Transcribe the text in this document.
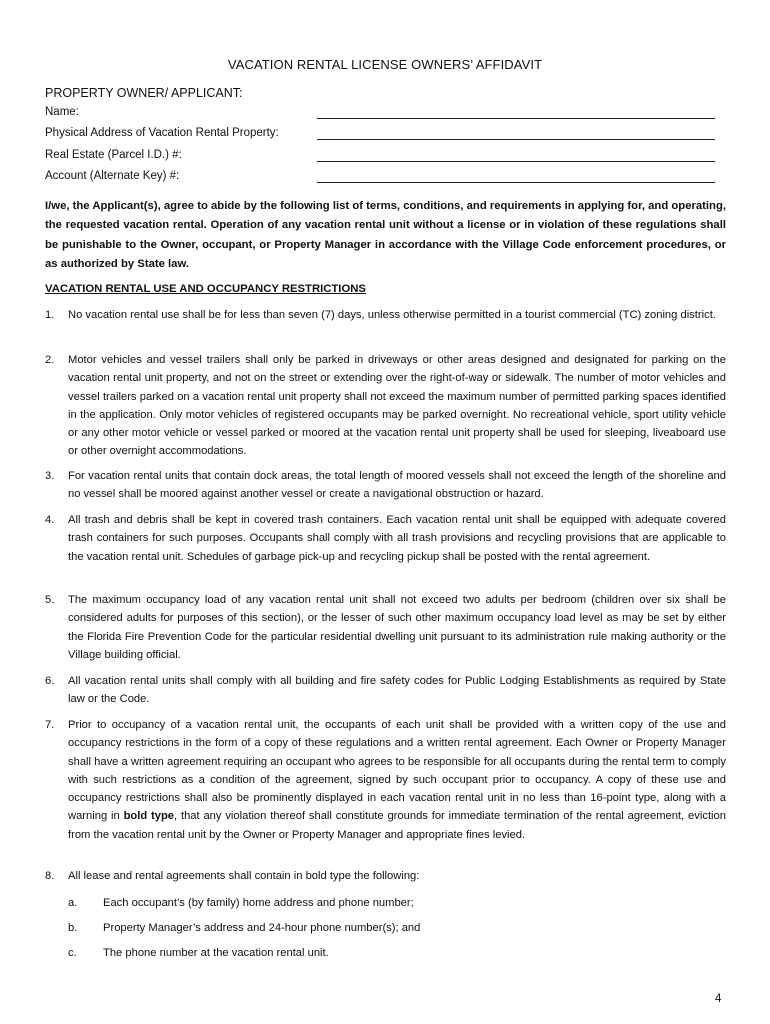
VACATION RENTAL LICENSE OWNERS’ AFFIDAVIT
PROPERTY OWNER/ APPLICANT:
Name:
Physical Address of Vacation Rental Property:
Real Estate (Parcel I.D.) #:
Account (Alternate Key) #:
I/we, the Applicant(s), agree to abide by the following list of terms, conditions, and requirements in applying for, and operating, the requested vacation rental. Operation of any vacation rental unit without a license or in violation of these regulations shall be punishable to the Owner, occupant, or Property Manager in accordance with the Village Code enforcement procedures, or as authorized by State law.
VACATION RENTAL USE AND OCCUPANCY RESTRICTIONS
1. No vacation rental use shall be for less than seven (7) days, unless otherwise permitted in a tourist commercial (TC) zoning district.
2. Motor vehicles and vessel trailers shall only be parked in driveways or other areas designed and designated for parking on the vacation rental unit property, and not on the street or extending over the right-of-way or sidewalk. The number of motor vehicles and vessel trailers parked on a vacation rental unit property shall not exceed the maximum number of permitted parking spaces identified in the application. Only motor vehicles of registered occupants may be parked overnight. No recreational vehicle, sport utility vehicle or any other motor vehicle or vessel parked or moored at the vacation rental unit property shall be used for sleeping, liveaboard use or other overnight accommodations.
3. For vacation rental units that contain dock areas, the total length of moored vessels shall not exceed the length of the shoreline and no vessel shall be moored against another vessel or create a navigational obstruction or hazard.
4. All trash and debris shall be kept in covered trash containers. Each vacation rental unit shall be equipped with adequate covered trash containers for such purposes. Occupants shall comply with all trash provisions and recycling provisions that are applicable to the vacation rental unit. Schedules of garbage pick-up and recycling pickup shall be posted with the rental agreement.
5. The maximum occupancy load of any vacation rental unit shall not exceed two adults per bedroom (children over six shall be considered adults for purposes of this section), or the lesser of such other maximum occupancy load level as may be set by either the Florida Fire Prevention Code for the particular residential dwelling unit pursuant to its administration rule making authority or the Village building official.
6. All vacation rental units shall comply with all building and fire safety codes for Public Lodging Establishments as required by State law or the Code.
7. Prior to occupancy of a vacation rental unit, the occupants of each unit shall be provided with a written copy of the use and occupancy restrictions in the form of a copy of these regulations and a written rental agreement. Each Owner or Property Manager shall have a written agreement requiring an occupant who agrees to be responsible for all occupants during the rental term to comply with such restrictions as a condition of the agreement, signed by such occupant prior to occupancy. A copy of these use and occupancy restrictions shall also be prominently displayed in each vacation rental unit in no less than 16-point type, along with a warning in bold type, that any violation thereof shall constitute grounds for immediate termination of the rental agreement, eviction from the vacation rental unit by the Owner or Property Manager and appropriate fines levied.
8. All lease and rental agreements shall contain in bold type the following:
a. Each occupant’s (by family) home address and phone number;
b. Property Manager’s address and 24-hour phone number(s); and
c. The phone number at the vacation rental unit.
4
